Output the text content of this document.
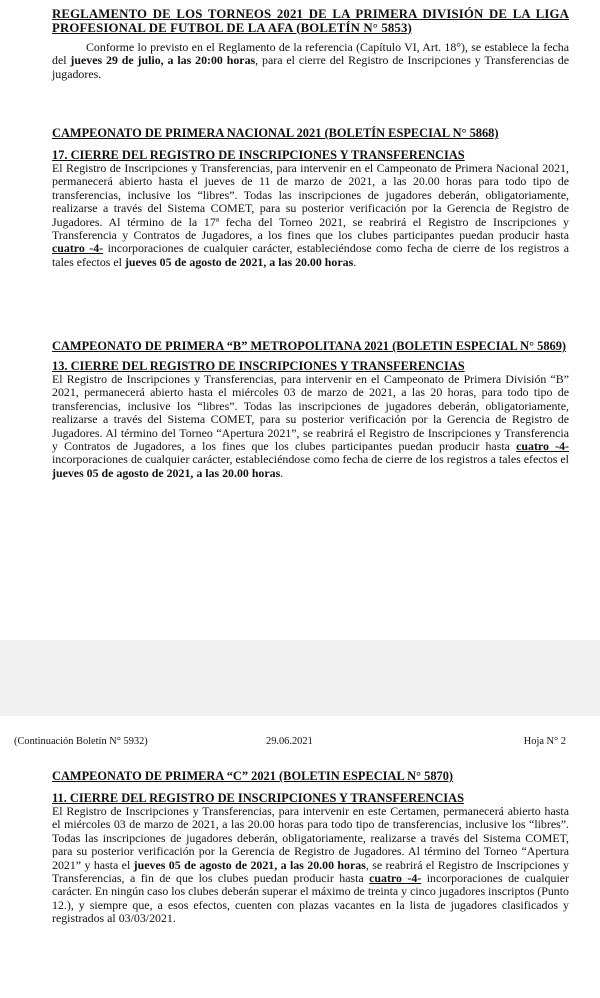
REGLAMENTO DE LOS TORNEOS 2021 DE LA PRIMERA DIVISIÓN DE LA LIGA PROFESIONAL DE FUTBOL DE LA AFA (BOLETÍN N° 5853)

Conforme lo previsto en el Reglamento de la referencia (Capítulo VI, Art. 18°), se establece la fecha del jueves 29 de julio, a las 20:00 horas, para el cierre del Registro de Inscripciones y Transferencias de jugadores.

CAMPEONATO DE PRIMERA NACIONAL 2021 (BOLETÍN ESPECIAL N° 5868)

17. CIERRE DEL REGISTRO DE INSCRIPCIONES Y TRANSFERENCIAS

El Registro de Inscripciones y Transferencias, para intervenir en el Campeonato de Primera Nacional 2021, permanecerá abierto hasta el jueves de 11 de marzo de 2021, a las 20.00 horas para todo tipo de transferencias, inclusive los “libres”. Todas las inscripciones de jugadores deberán, obligatoriamente, realizarse a través del Sistema COMET, para su posterior verificación por la Gerencia de Registro de Jugadores. Al término de la 17ª fecha del Torneo 2021, se reabrirá el Registro de Inscripciones y Transferencia y Contratos de Jugadores, a los fines que los clubes participantes puedan producir hasta cuatro -4- incorporaciones de cualquier carácter, estableciéndose como fecha de cierre de los registros a tales efectos el jueves 05 de agosto de 2021, a las 20.00 horas.

CAMPEONATO DE PRIMERA “B” METROPOLITANA 2021 (BOLETIN ESPECIAL N° 5869)

13. CIERRE DEL REGISTRO DE INSCRIPCIONES Y TRANSFERENCIAS

El Registro de Inscripciones y Transferencias, para intervenir en el Campeonato de Primera División “B” 2021, permanecerá abierto hasta el miércoles 03 de marzo de 2021, a las 20 horas, para todo tipo de transferencias, inclusive los “libres”. Todas las inscripciones de jugadores deberán, obligatoriamente, realizarse a través del Sistema COMET, para su posterior verificación por la Gerencia de Registro de Jugadores. Al término del Torneo “Apertura 2021”, se reabrirá el Registro de Inscripciones y Transferencia y Contratos de Jugadores, a los fines que los clubes participantes puedan producir hasta cuatro -4- incorporaciones de cualquier carácter, estableciéndose como fecha de cierre de los registros a tales efectos el jueves 05 de agosto de 2021, a las 20.00 horas.

(Continuación Boletín N° 5932)	29.06.2021	Hoja N° 2

CAMPEONATO DE PRIMERA “C” 2021 (BOLETIN ESPECIAL N° 5870)

11. CIERRE DEL REGISTRO DE INSCRIPCIONES Y TRANSFERENCIAS

El Registro de Inscripciones y Transferencias, para intervenir en este Certamen, permanecerá abierto hasta el miércoles 03 de marzo de 2021, a las 20.00 horas para todo tipo de transferencias, inclusive los “libres”. Todas las inscripciones de jugadores deberán, obligatoriamente, realizarse a través del Sistema COMET, para su posterior verificación por la Gerencia de Registro de Jugadores. Al término del Torneo “Apertura 2021” y hasta el jueves 05 de agosto de 2021, a las 20.00 horas, se reabrirá el Registro de Inscripciones y Transferencias, a fin de que los clubes puedan producir hasta cuatro -4- incorporaciones de cualquier carácter. En ningún caso los clubes deberán superar el máximo de treinta y cinco jugadores inscriptos (Punto 12.), y siempre que, a esos efectos, cuenten con plazas vacantes en la lista de jugadores clasificados y registrados al 03/03/2021.
